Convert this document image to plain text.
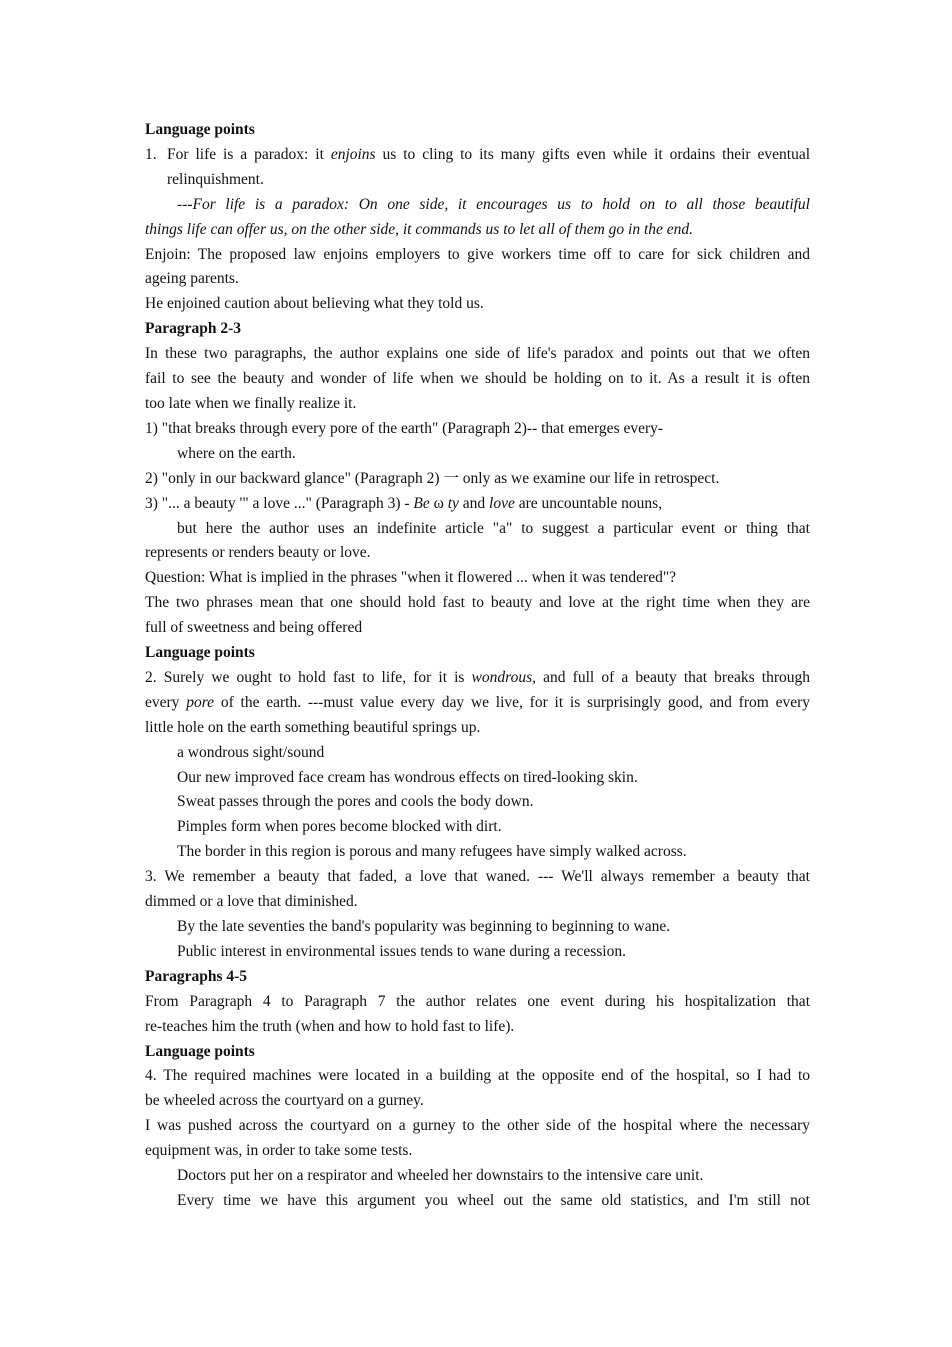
Language points
1. For life is a paradox: it enjoins us to cling to its many gifts even while it ordains their eventual
relinquishment.
---For life is a paradox: On one side, it encourages us to hold on to all those beautiful
things life can offer us, on the other side, it commands us to let all of them go in the end.
Enjoin: The proposed law enjoins employers to give workers time off to care for sick children and
ageing parents.
He enjoined caution about believing what they told us.
Paragraph 2-3
In these two paragraphs, the author explains one side of life's paradox and points out that we often
fail to see the beauty and wonder of life when we should be holding on to it. As a result it is often
too late when we finally realize it.
1) "that breaks through every pore of the earth" (Paragraph 2)-- that emerges every-
where on the earth.
2) "only in our backward glance" (Paragraph 2) 一 only as we examine our life in retrospect.
3) "... a beauty '" a love ..." (Paragraph 3) - Be ω ty and love are uncountable nouns,
but here the author uses an indefinite article "a" to suggest a particular event or thing that
represents or renders beauty or love.
Question: What is implied in the phrases "when it flowered ... when it was tendered"?
The two phrases mean that one should hold fast to beauty and love at the right time when they are
full of sweetness and being offered
Language points
2. Surely we ought to hold fast to life, for it is wondrous, and full of a beauty that breaks through
every pore of the earth. ---must value every day we live, for it is surprisingly good, and from every
little hole on the earth something beautiful springs up.
a wondrous sight/sound
Our new improved face cream has wondrous effects on tired-looking skin.
Sweat passes through the pores and cools the body down.
Pimples form when pores become blocked with dirt.
The border in this region is porous and many refugees have simply walked across.
3. We remember a beauty that faded, a love that waned. --- We'll always remember a beauty that
dimmed or a love that diminished.
By the late seventies the band's popularity was beginning to beginning to wane.
Public interest in environmental issues tends to wane during a recession.
Paragraphs 4-5
From Paragraph 4 to Paragraph 7 the author relates one event during his hospitalization that
re-teaches him the truth (when and how to hold fast to life).
Language points
4. The required machines were located in a building at the opposite end of the hospital, so I had to
be wheeled across the courtyard on a gurney.
I was pushed across the courtyard on a gurney to the other side of the hospital where the necessary
equipment was, in order to take some tests.
Doctors put her on a respirator and wheeled her downstairs to the intensive care unit.
Every time we have this argument you wheel out the same old statistics, and I'm still not
